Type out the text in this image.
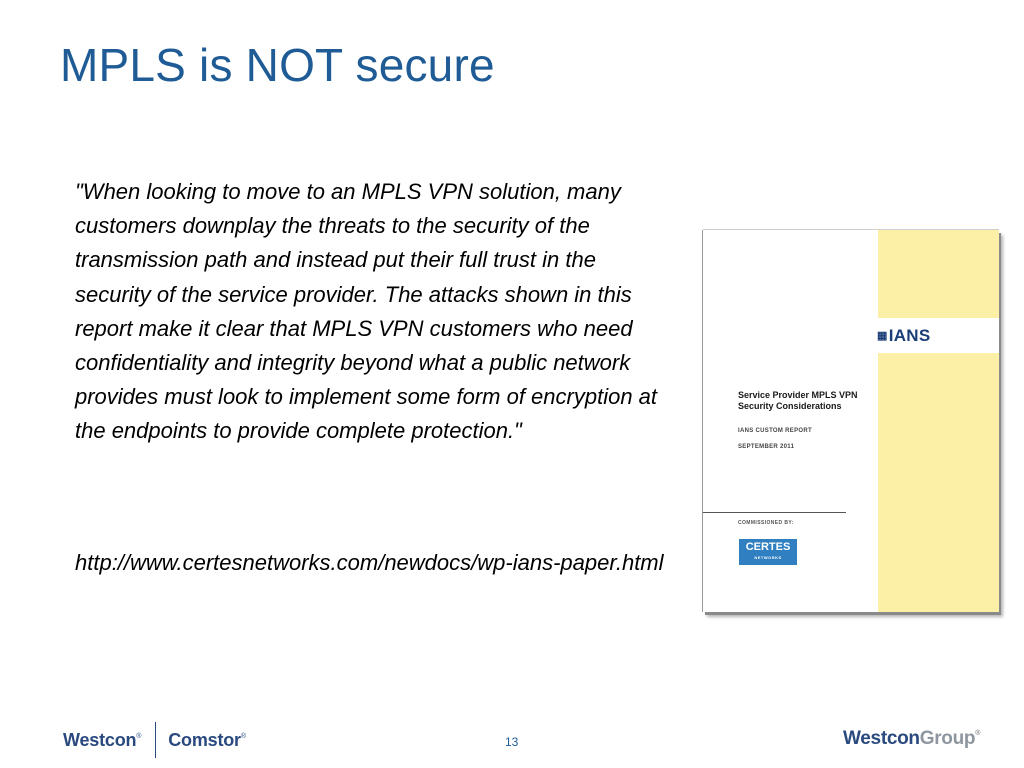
MPLS is NOT secure

"When looking to move to an MPLS VPN solution, many customers downplay the threats to the security of the transmission path and instead put their full trust in the security of the service provider. The attacks shown in this report make it clear that MPLS VPN customers who need confidentiality and integrity beyond what a public network provides must look to implement some form of encryption at the endpoints to provide complete protection."

http://www.certesnetworks.com/newdocs/wp-ians-paper.html

▦IANS
Service Provider MPLS VPN Security Considerations
IANS CUSTOM REPORT
SEPTEMBER 2011
COMMISSIONED BY:
CERTES
NETWORKS
Westcon® Comstor®	13	WestconGroup®
